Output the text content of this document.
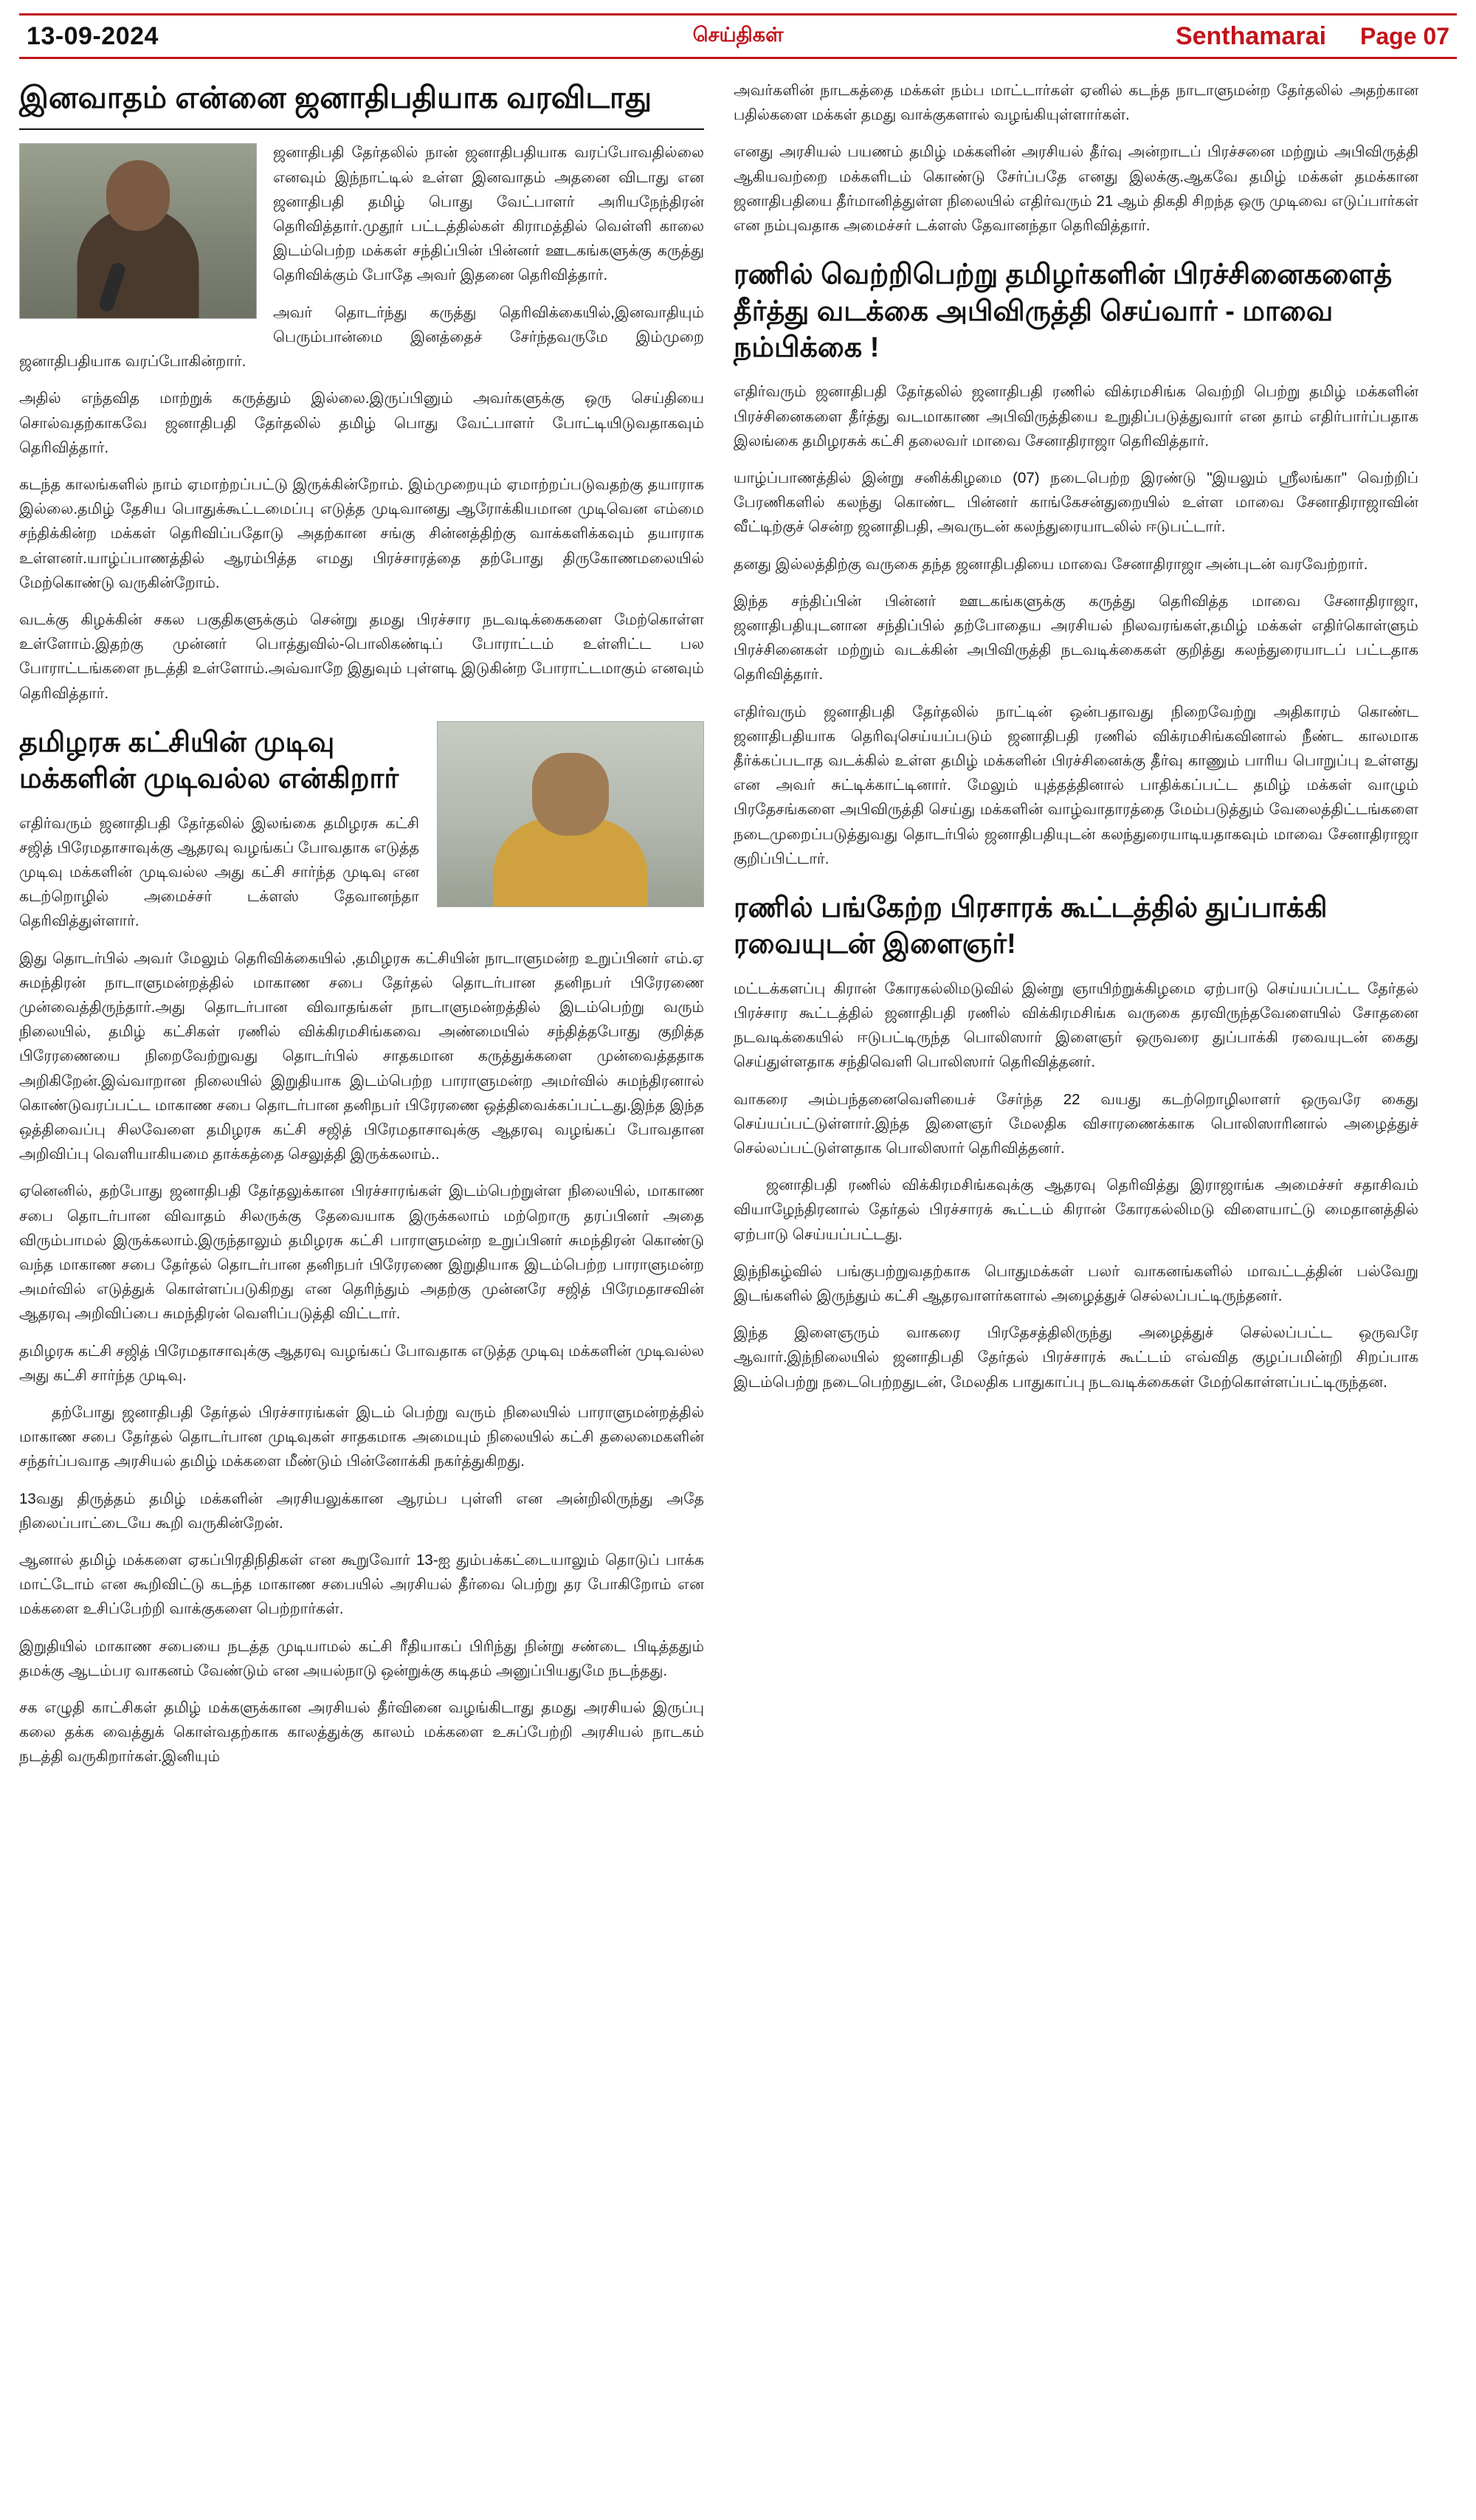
13-09-2024	செய்திகள்	Senthamarai Page 07
இனவாதம் என்னை ஜனாதிபதியாக வரவிடாது

ஜனாதிபதி தேர்தலில் நான் ஜனாதிபதியாக வரப்போவதில்லை எனவும் இந்நாட்டில் உள்ள இனவாதம் அதனை விடாது என ஜனாதிபதி தமிழ் பொது வேட்பாளர் அரியநேந்திரன் தெரிவித்தார்.முதூர் பட்டத்தில்கள் கிராமத்தில் வெள்ளி காலை இடம்பெற்ற மக்கள் சந்திப்பின் பின்னர் ஊடகங்களுக்கு கருத்து தெரிவிக்கும் போதே அவர் இதனை தெரிவித்தார்.

அவர் தொடர்ந்து கருத்து தெரிவிக்கையில்,இனவாதியும் பெரும்பான்மை இனத்தைச் சேர்ந்தவருமே இம்முறை ஜனாதிபதியாக வரப்போகின்றார்.

அதில் எந்தவித மாற்றுக் கருத்தும் இல்லை.இருப்பினும் அவர்களுக்கு ஒரு செய்தியை சொல்வதற்காகவே ஜனாதிபதி தேர்தலில் தமிழ் பொது வேட்பாளர் போட்டியிடுவதாகவும் தெரிவித்தார்.

கடந்த காலங்களில் நாம் ஏமாற்றப்பட்டு இருக்கின்றோம். இம்முறையும் ஏமாற்றப்படுவதற்கு தயாராக இல்லை.தமிழ் தேசிய பொதுக்கூட்டமைப்பு எடுத்த முடிவானது ஆரோக்கியமான முடிவென எம்மை சந்திக்கின்ற மக்கள் தெரிவிப்பதோடு அதற்கான சங்கு சின்னத்திற்கு வாக்களிக்கவும் தயாராக உள்ளனர்.யாழ்ப்பாணத்தில் ஆரம்பித்த எமது பிரச்சாரத்தை தற்போது திருகோணமலையில் மேற்கொண்டு வருகின்றோம்.

வடக்கு கிழக்கின் சகல பகுதிகளுக்கும் சென்று தமது பிரச்சார நடவடிக்கைகளை மேற்கொள்ள உள்ளோம்.இதற்கு முன்னர் பொத்துவில்-பொலிகண்டிப் போராட்டம் உள்ளிட்ட பல போராட்டங்களை நடத்தி உள்ளோம்.அவ்வாறே இதுவும் புள்ளடி இடுகின்ற போராட்டமாகும் எனவும் தெரிவித்தார்.

தமிழரசு கட்சியின் முடிவு மக்களின் முடிவல்ல என்கிறார்

எதிர்வரும் ஜனாதிபதி தேர்தலில் இலங்கை தமிழரசு கட்சி சஜித் பிரேமதாசாவுக்கு ஆதரவு வழங்கப் போவதாக எடுத்த முடிவு மக்களின் முடிவல்ல அது கட்சி சார்ந்த முடிவு என கடற்றொழில் அமைச்சர் டக்ளஸ் தேவானந்தா தெரிவித்துள்ளார்.

இது தொடர்பில் அவர் மேலும் தெரிவிக்கையில் ,தமிழரசு கட்சியின் நாடாளுமன்ற உறுப்பினர் எம்.ஏ சுமந்திரன் நாடாளுமன்றத்தில் மாகாண சபை தேர்தல் தொடர்பான தனிநபர் பிரேரணை முன்வைத்திருந்தார்.அது தொடர்பான விவாதங்கள் நாடாளுமன்றத்தில் இடம்பெற்று வரும் நிலையில், தமிழ் கட்சிகள் ரணில் விக்கிரமசிங்கவை அண்மையில் சந்தித்தபோது குறித்த பிரேரணையை நிறைவேற்றுவது தொடர்பில் சாதகமான கருத்துக்களை முன்வைத்ததாக அறிகிறேன்.இவ்வாறான நிலையில் இறுதியாக இடம்பெற்ற பாராளுமன்ற அமர்வில் சுமந்திரனால் கொண்டுவரப்பட்ட மாகாண சபை தொடர்பான தனிநபர் பிரேரணை ஒத்திவைக்கப்பட்டது.இந்த இந்த ஒத்திவைப்பு சிலவேளை தமிழரசு கட்சி சஜித் பிரேமதாசாவுக்கு ஆதரவு வழங்கப் போவதான அறிவிப்பு வெளியாகியமை தாக்கத்தை செலுத்தி இருக்கலாம்..

ஏனெனில், தற்போது ஜனாதிபதி தேர்தலுக்கான பிரச்சாரங்கள் இடம்பெற்றுள்ள நிலையில், மாகாண சபை தொடர்பான விவாதம் சிலருக்கு தேவையாக இருக்கலாம் மற்றொரு தரப்பினர் அதை விரும்பாமல் இருக்கலாம்.இருந்தாலும் தமிழரசு கட்சி பாராளுமன்ற உறுப்பினர் சுமந்திரன் கொண்டு வந்த மாகாண சபை தேர்தல் தொடர்பான தனிநபர் பிரேரணை இறுதியாக இடம்பெற்ற பாராளுமன்ற அமர்வில் எடுத்துக் கொள்ளப்படுகிறது என தெரிந்தும் அதற்கு முன்னரே சஜித் பிரேமதாசவின் ஆதரவு அறிவிப்பை சுமந்திரன் வெளிப்படுத்தி விட்டார்.

தமிழரசு கட்சி சஜித் பிரேமதாசாவுக்கு ஆதரவு வழங்கப் போவதாக எடுத்த முடிவு மக்களின் முடிவல்ல அது கட்சி சார்ந்த முடிவு.

தற்போது ஜனாதிபதி தேர்தல் பிரச்சாரங்கள் இடம் பெற்று வரும் நிலையில் பாராளுமன்றத்தில் மாகாண சபை தேர்தல் தொடர்பான முடிவுகள் சாதகமாக அமையும் நிலையில் கட்சி தலைமைகளின் சந்தர்ப்பவாத அரசியல் தமிழ் மக்களை மீண்டும் பின்னோக்கி நகர்த்துகிறது.

13வது திருத்தம் தமிழ் மக்களின் அரசியலுக்கான ஆரம்ப புள்ளி என அன்றிலிருந்து அதே நிலைப்பாட்டையே கூறி வருகின்றேன்.

ஆனால் தமிழ் மக்களை ஏகப்பிரதிநிதிகள் என கூறுவோர் 13-ஐ தும்பக்கட்டையாலும் தொடுப் பாக்க மாட்டோம் என கூறிவிட்டு கடந்த மாகாண சபையில் அரசியல் தீர்வை பெற்று தர போகிறோம் என மக்களை உசிப்பேற்றி வாக்குகளை பெற்றார்கள்.

இறுதியில் மாகாண சபையை நடத்த முடியாமல் கட்சி ரீதியாகப் பிரிந்து நின்று சண்டை பிடித்ததும் தமக்கு ஆடம்பர வாகனம் வேண்டும் என அயல்நாடு ஒன்றுக்கு கடிதம் அனுப்பியதுமே நடந்தது.

சக எழுதி காட்சிகள் தமிழ் மக்களுக்கான அரசியல் தீர்வினை வழங்கிடாது தமது அரசியல் இருப்பு கலை தக்க வைத்துக் கொள்வதற்காக காலத்துக்கு காலம் மக்களை உசுப்பேற்றி அரசியல் நாடகம் நடத்தி வருகிறார்கள்.இனியும்

அவர்களின் நாடகத்தை மக்கள் நம்ப மாட்டார்கள் ஏனில் கடந்த நாடாளுமன்ற தேர்தலில் அதற்கான பதில்களை மக்கள் தமது வாக்குகளால் வழங்கியுள்ளார்கள்.

எனது அரசியல் பயணம் தமிழ் மக்களின் அரசியல் தீர்வு அன்றாடப் பிரச்சனை மற்றும் அபிவிருத்தி ஆகியவற்றை மக்களிடம் கொண்டு சேர்ப்பதே எனது இலக்கு.ஆகவே தமிழ் மக்கள் தமக்கான ஜனாதிபதியை தீர்மானித்துள்ள நிலையில் எதிர்வரும் 21 ஆம் திகதி சிறந்த ஒரு முடிவை எடுப்பார்கள் என நம்புவதாக அமைச்சர் டக்ளஸ் தேவானந்தா தெரிவித்தார்.

ரணில் வெற்றிபெற்று தமிழர்களின் பிரச்சினைகளைத் தீர்த்து வடக்கை அபிவிருத்தி செய்வார் - மாவை நம்பிக்கை !

எதிர்வரும் ஜனாதிபதி தேர்தலில் ஜனாதிபதி ரணில் விக்ரமசிங்க வெற்றி பெற்று தமிழ் மக்களின் பிரச்சினைகளை தீர்த்து வடமாகாண அபிவிருத்தியை உறுதிப்படுத்துவார் என தாம் எதிர்பார்ப்பதாக இலங்கை தமிழரசுக் கட்சி தலைவர் மாவை சேனாதிராஜா தெரிவித்தார்.

யாழ்ப்பாணத்தில் இன்று சனிக்கிழமை (07) நடைபெற்ற இரண்டு "இயலும் ஸ்ரீலங்கா" வெற்றிப் பேரணிகளில் கலந்து கொண்ட பின்னர் காங்கேசன்துறையில் உள்ள மாவை சேனாதிராஜாவின் வீட்டிற்குச் சென்ற ஜனாதிபதி, அவருடன் கலந்துரையாடலில் ஈடுபட்டார்.

தனது இல்லத்திற்கு வருகை தந்த ஜனாதிபதியை மாவை சேனாதிராஜா அன்புடன் வரவேற்றார்.

இந்த சந்திப்பின் பின்னர் ஊடகங்களுக்கு கருத்து தெரிவித்த மாவை சேனாதிராஜா, ஜனாதிபதியுடனான சந்திப்பில் தற்போதைய அரசியல் நிலவரங்கள்,தமிழ் மக்கள் எதிர்கொள்ளும் பிரச்சினைகள் மற்றும் வடக்கின் அபிவிருத்தி நடவடிக்கைகள் குறித்து கலந்துரையாடப் பட்டதாக தெரிவித்தார்.

எதிர்வரும் ஜனாதிபதி தேர்தலில் நாட்டின் ஒன்பதாவது நிறைவேற்று அதிகாரம் கொண்ட ஜனாதிபதியாக தெரிவுசெய்யப்படும் ஜனாதிபதி ரணில் விக்ரமசிங்கவினால் நீண்ட காலமாக தீர்க்கப்படாத வடக்கில் உள்ள தமிழ் மக்களின் பிரச்சினைக்கு தீர்வு காணும் பாரிய பொறுப்பு உள்ளது என அவர் சுட்டிக்காட்டினார். மேலும் யுத்தத்தினால் பாதிக்கப்பட்ட தமிழ் மக்கள் வாழும் பிரதேசங்களை அபிவிருத்தி செய்து மக்களின் வாழ்வாதாரத்தை மேம்படுத்தும் வேலைத்திட்டங்களை நடைமுறைப்படுத்துவது தொடர்பில் ஜனாதிபதியுடன் கலந்துரையாடியதாகவும் மாவை சேனாதிராஜா குறிப்பிட்டார்.

ரணில் பங்கேற்ற பிரசாரக் கூட்டத்தில் துப்பாக்கி ரவையுடன் இளைஞர்!

மட்டக்களப்பு கிரான் கோரகல்லிமடுவில் இன்று ஞாயிற்றுக்கிழமை ஏற்பாடு செய்யப்பட்ட தேர்தல் பிரச்சார கூட்டத்தில் ஜனாதிபதி ரணில் விக்கிரமசிங்க வருகை தரவிருந்தவேளையில் சோதனை நடவடிக்கையில் ஈடுபட்டிருந்த பொலிஸார் இளைஞர் ஒருவரை துப்பாக்கி ரவையுடன் கைது செய்துள்ளதாக சந்திவெளி பொலிஸார் தெரிவித்தனர்.

வாகரை அம்பந்தனைவெளியைச் சேர்ந்த 22 வயது கடற்றொழிலாளர் ஒருவரே கைது செய்யப்பட்டுள்ளார்.இந்த இளைஞர் மேலதிக விசாரணைக்காக பொலிஸாரினால் அழைத்துச் செல்லப்பட்டுள்ளதாக பொலிஸார் தெரிவித்தனர்.

ஜனாதிபதி ரணில் விக்கிரமசிங்கவுக்கு ஆதரவு தெரிவித்து இராஜாங்க அமைச்சர் சதாசிவம் வியாழேந்திரனால் தேர்தல் பிரச்சாரக் கூட்டம் கிரான் கோரகல்லிமடு விளையாட்டு மைதானத்தில் ஏற்பாடு செய்யப்பட்டது.

இந்நிகழ்வில் பங்குபற்றுவதற்காக பொதுமக்கள் பலர் வாகனங்களில் மாவட்டத்தின் பல்வேறு இடங்களில் இருந்தும் கட்சி ஆதரவாளர்களால் அழைத்துச் செல்லப்பட்டிருந்தனர்.

இந்த இளைஞரும் வாகரை பிரதேசத்திலிருந்து அழைத்துச் செல்லப்பட்ட ஒருவரே ஆவார்.இந்நிலையில் ஜனாதிபதி தேர்தல் பிரச்சாரக் கூட்டம் எவ்வித குழப்பமின்றி சிறப்பாக இடம்பெற்று நடைபெற்றதுடன், மேலதிக பாதுகாப்பு நடவடிக்கைகள் மேற்கொள்ளப்பட்டிருந்தன.
